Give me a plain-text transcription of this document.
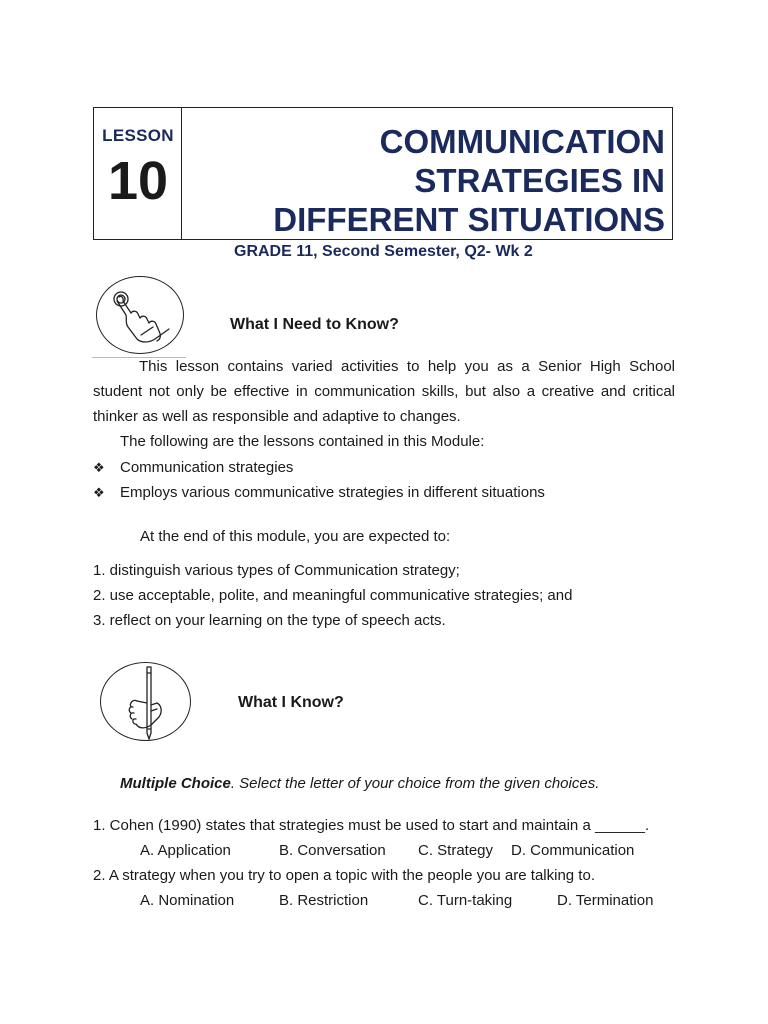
LESSON
10
COMMUNICATION
STRATEGIES IN
DIFFERENT SITUATIONS
GRADE 11, Second Semester, Q2- Wk 2
What I Need to Know?
This lesson contains varied activities to help you as a Senior High School student not only be effective in communication skills, but also a creative and critical thinker as well as responsible and adaptive to changes.
The following are the lessons contained in this Module:
❖ Communication strategies
❖ Employs various communicative strategies in different situations
At the end of this module, you are expected to:
1. distinguish various types of Communication strategy;
2. use acceptable, polite, and meaningful communicative strategies; and
3. reflect on your learning on the type of speech acts.
What I Know?
Multiple Choice. Select the letter of your choice from the given choices.
1. Cohen (1990) states that strategies must be used to start and maintain a ______.
A. Application	B. Conversation C. Strategy D. Communication
2. A strategy when you try to open a topic with the people you are talking to.
A. Nomination	B. Restriction	C. Turn-taking	D. Termination
